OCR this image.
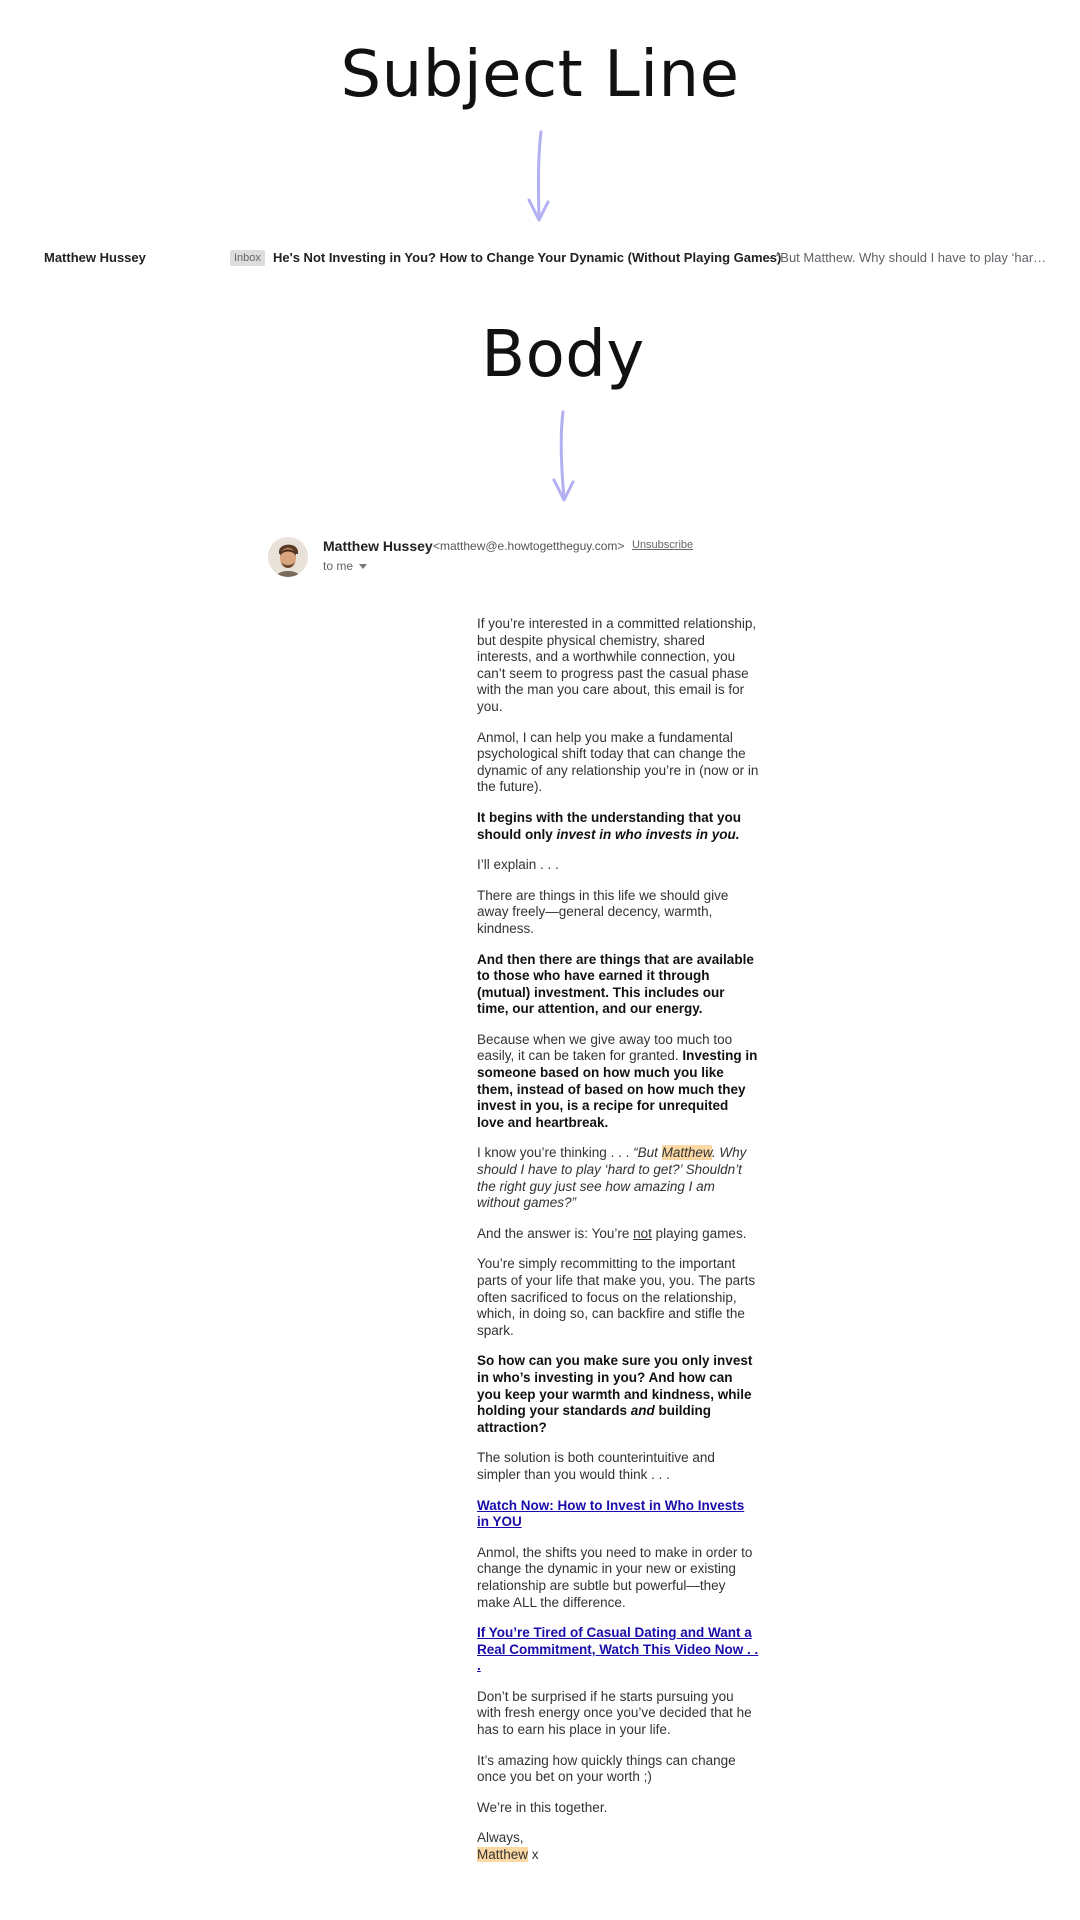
Subject Line
Matthew Hussey	Inbox He's Not Investing in You? How to Change Your Dynamic (Without Playing Games)
- “But Matthew. Why should I have to play ‘har…
Body
Matthew Hussey <matthew@e.howtogettheguy.com> Unsubscribe
to me

If you’re interested in a committed relationship, but despite physical chemistry, shared interests, and a worthwhile connection, you can’t seem to progress past the casual phase with the man you care about, this email is for you.

Anmol, I can help you make a fundamental psychological shift today that can change the dynamic of any relationship you’re in (now or in the future).

It begins with the understanding that you should only invest in who invests in you.

I’ll explain . . .

There are things in this life we should give away freely—general decency, warmth, kindness.

And then there are things that are available to those who have earned it through (mutual) investment. This includes our time, our attention, and our energy.

Because when we give away too much too easily, it can be taken for granted. Investing in someone based on how much you like them, instead of based on how much they invest in you, is a recipe for unrequited love and heartbreak.

I know you’re thinking . . . “But Matthew. Why should I have to play ‘hard to get?’ Shouldn’t the right guy just see how amazing I am without games?”

And the answer is: You’re not playing games.

You’re simply recommitting to the important parts of your life that make you, you. The parts often sacrificed to focus on the relationship, which, in doing so, can backfire and stifle the spark.

So how can you make sure you only invest in who’s investing in you? And how can you keep your warmth and kindness, while holding your standards and building attraction?

The solution is both counterintuitive and simpler than you would think . . .

Watch Now: How to Invest in Who Invests in YOU

Anmol, the shifts you need to make in order to change the dynamic in your new or existing relationship are subtle but powerful—they make ALL the difference.

If You’re Tired of Casual Dating and Want a Real Commitment, Watch This Video Now . . .

Don’t be surprised if he starts pursuing you with fresh energy once you’ve decided that he has to earn his place in your life.

It’s amazing how quickly things can change once you bet on your worth ;)

We’re in this together.

Always,
Matthew x
